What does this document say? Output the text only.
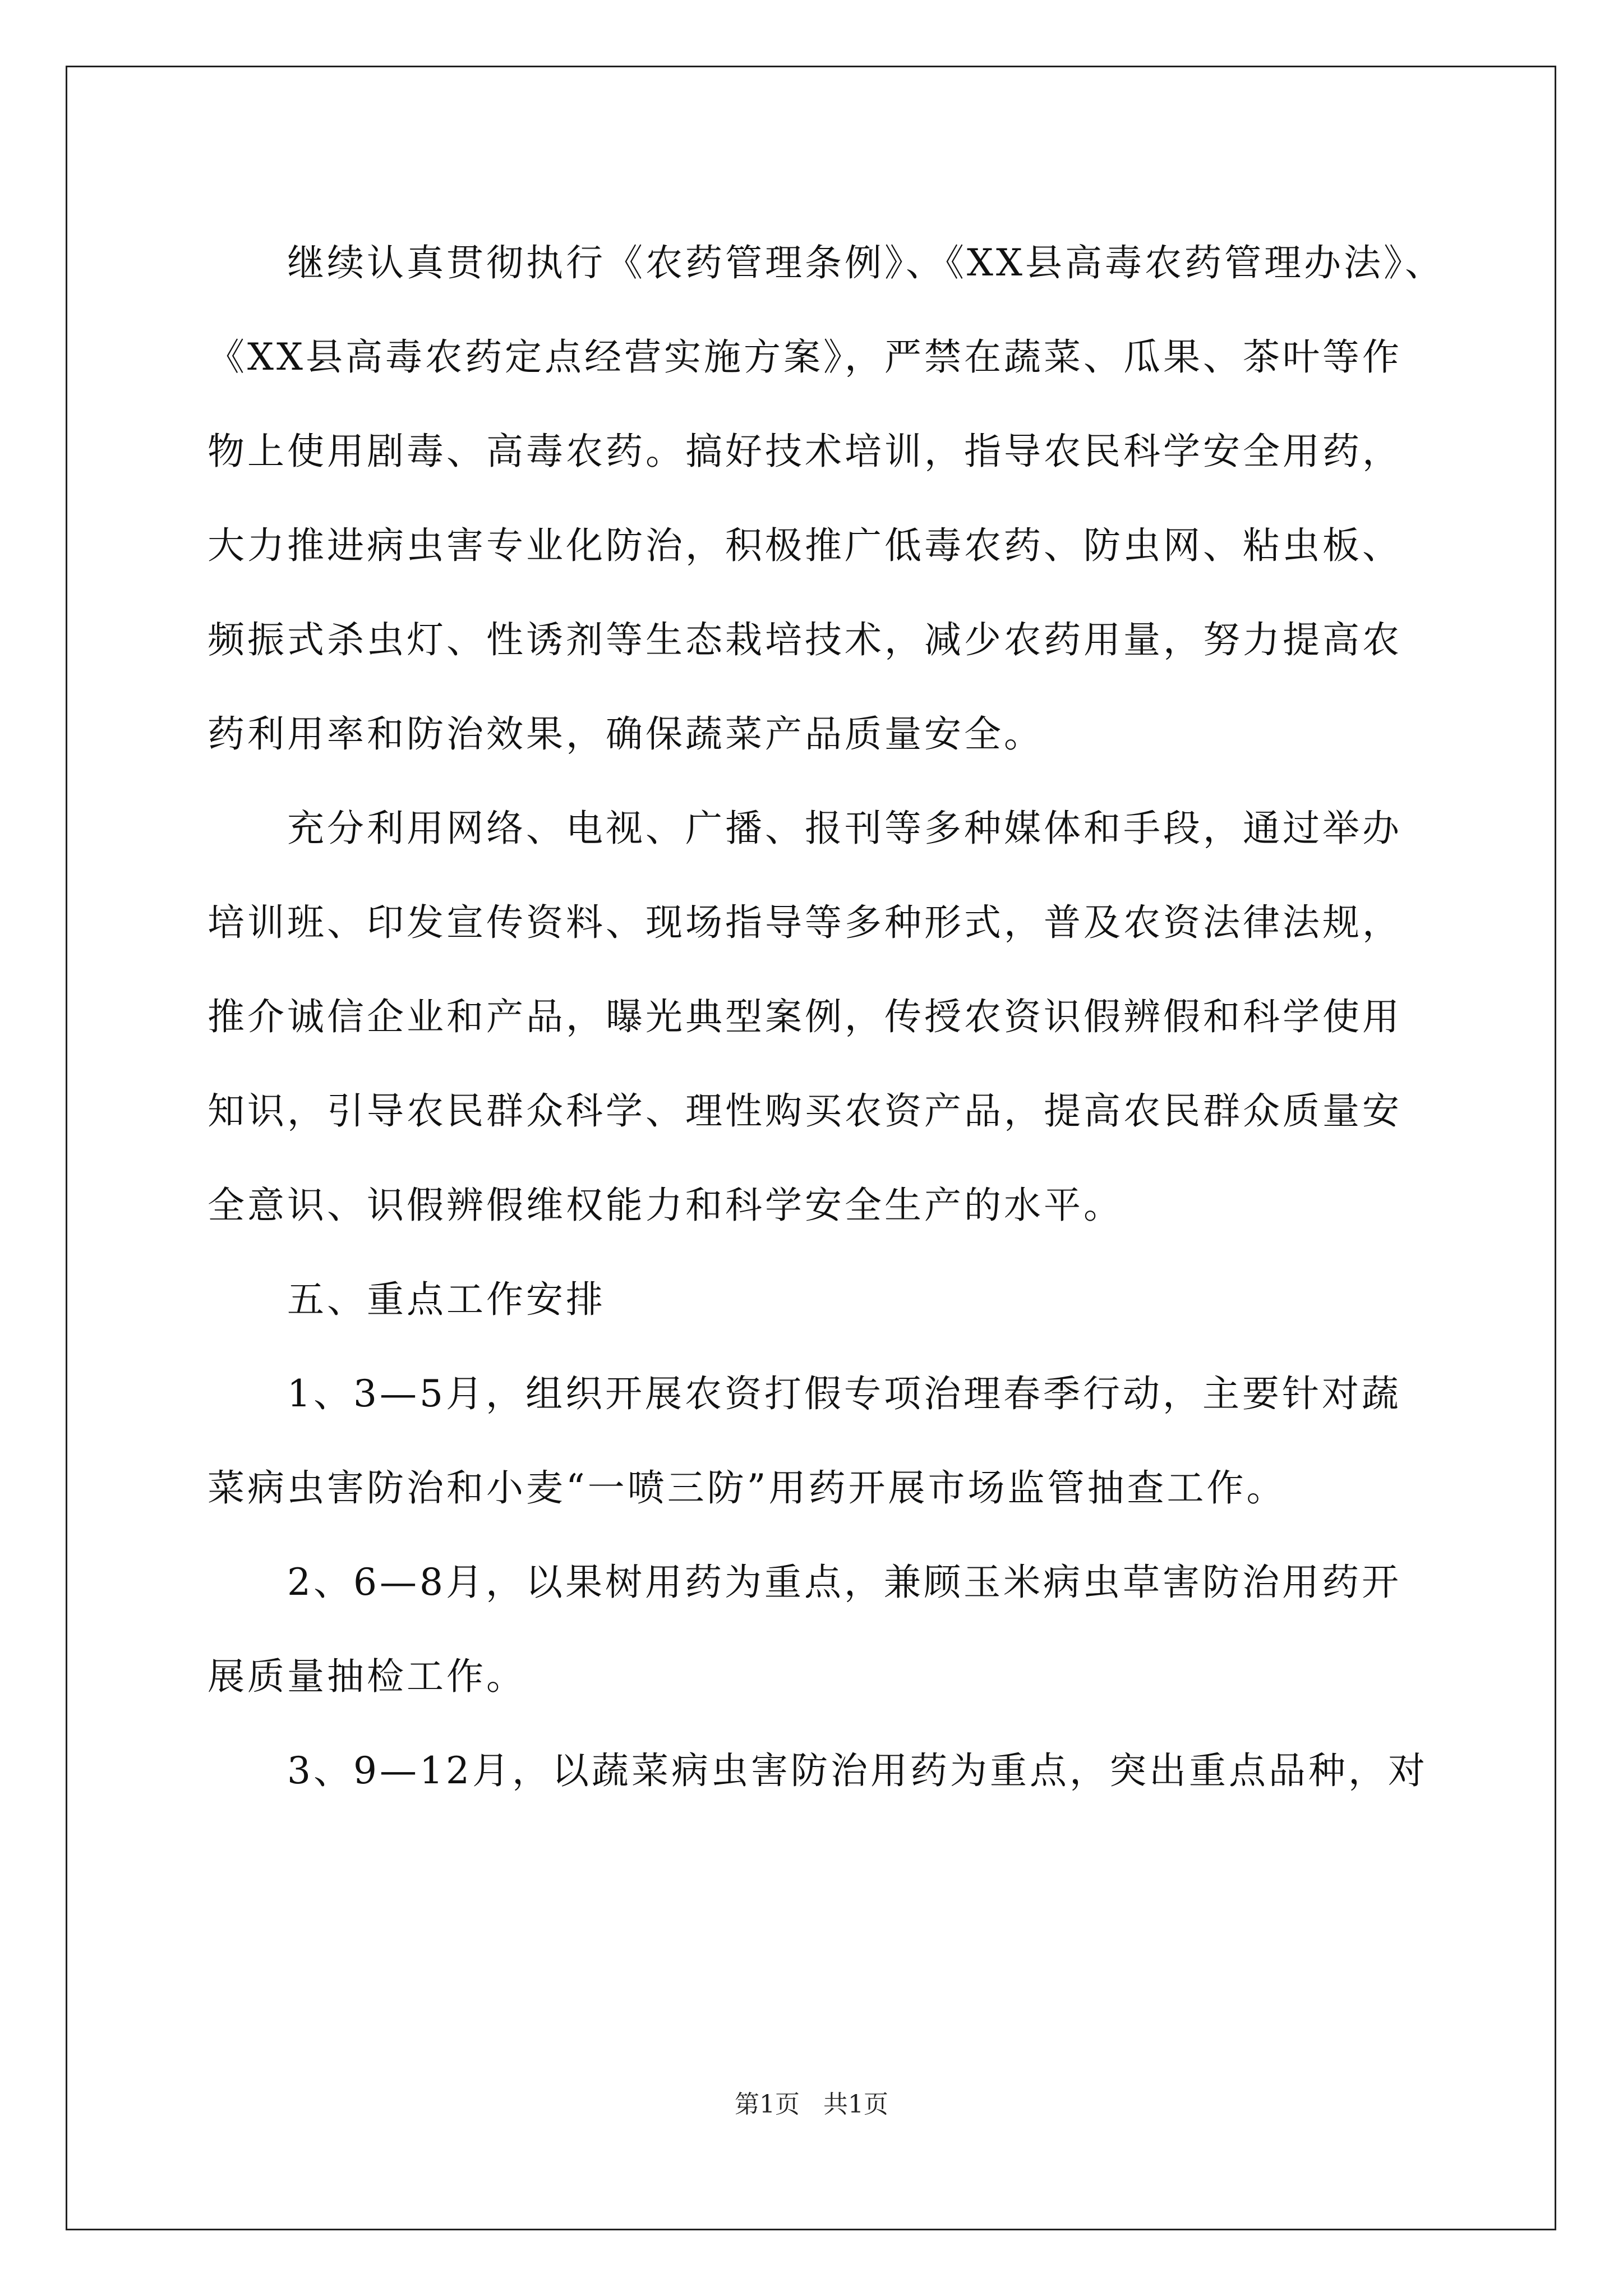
继续认真贯彻执行《农药管理条例》、《XX县高毒农药管理办法》、
《XX县高毒农药定点经营实施方案》，严禁在蔬菜、瓜果、茶叶等作
物上使用剧毒、高毒农药。搞好技术培训，指导农民科学安全用药，
大力推进病虫害专业化防治，积极推广低毒农药、防虫网、粘虫板、
频振式杀虫灯、性诱剂等生态栽培技术，减少农药用量，努力提高农
药利用率和防治效果，确保蔬菜产品质量安全。
充分利用网络、电视、广播、报刊等多种媒体和手段，通过举办
培训班、印发宣传资料、现场指导等多种形式，普及农资法律法规，
推介诚信企业和产品，曝光典型案例，传授农资识假辨假和科学使用
知识，引导农民群众科学、理性购买农资产品，提高农民群众质量安
全意识、识假辨假维权能力和科学安全生产的水平。
五、重点工作安排
1、3—5月，组织开展农资打假专项治理春季行动，主要针对蔬
菜病虫害防治和小麦“一喷三防”用药开展市场监管抽查工作。
2、6—8月，以果树用药为重点，兼顾玉米病虫草害防治用药开
展质量抽检工作。
3、9—12月，以蔬菜病虫害防治用药为重点，突出重点品种，对
第1页 共1页
